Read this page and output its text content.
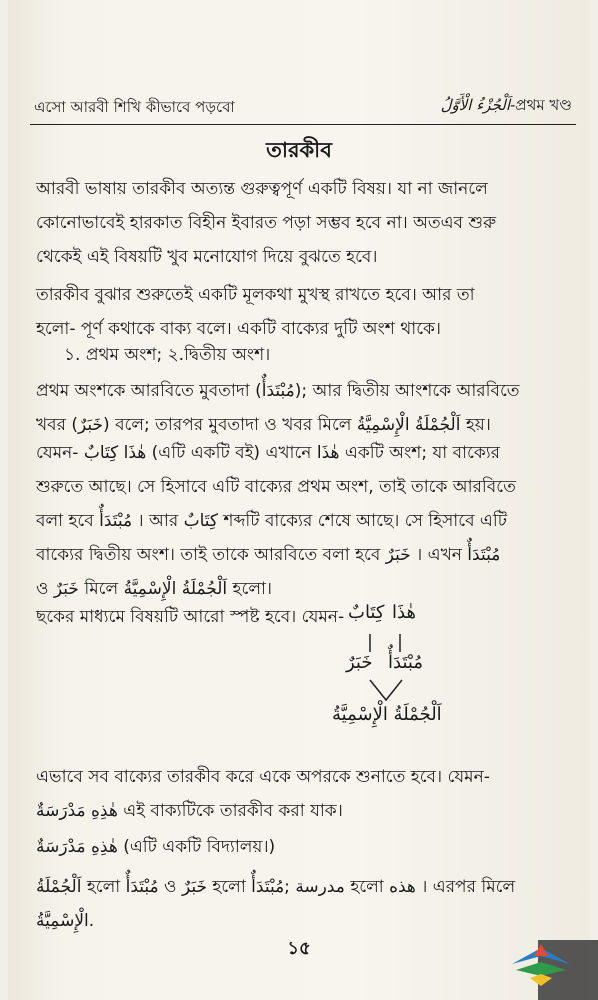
এসো আরবী শিখি কীভাবে পড়বো	اَلْجُزْءُ الْأَوَّلُ-প্রথম খণ্ড
তারকীব
আরবী ভাষায় তারকীব অত্যন্ত গুরুত্বপূর্ণ একটি বিষয়। যা না জানলে
কোনোভাবেই হারকাত বিহীন ইবারত পড়া সম্ভব হবে না। অতএব শুরু
থেকেই এই বিষয়টি খুব মনোযোগ দিয়ে বুঝতে হবে।
তারকীব বুঝার শুরুতেই একটি মূলকথা মুখস্থ রাখতে হবে। আর তা
হলো- পূর্ণ কথাকে বাক্য বলে। একটি বাক্যের দুটি অংশ থাকে।
১. প্রথম অংশ; ২.দ্বিতীয় অংশ।
প্রথম অংশকে আরবিতে মুবতাদা (مُبْتَدَأٌ); আর দ্বিতীয় আংশকে আরবিতে
খবর (خَبَرٌ) বলে; তারপর মুবতাদা ও খবর মিলে اَلْجُمْلَةُ الْإِسْمِيَّةُ হয়।
যেমন- هٰذَا كِتَابٌ (এটি একটি বই) এখানে هٰذَا একটি অংশ; যা বাক্যের
শুরুতে আছে। সে হিসাবে এটি বাক্যের প্রথম অংশ, তাই তাকে আরবিতে
বলা হবে مُبْتَدَأٌ । আর كِتَابٌ শব্দটি বাক্যের শেষে আছে। সে হিসাবে এটি
বাক্যের দ্বিতীয় অংশ। তাই তাকে আরবিতে বলা হবে خَبَرٌ । এখন مُبْتَدَأٌ
ও خَبَرٌ মিলে اَلْجُمْلَةُ الْإِسْمِيَّةُ হলো।
ছকের মাধ্যমে বিষয়টি আরো স্পষ্ট হবে। যেমন- كِتَابٌ هٰذَا
خَبَرٌ مُبْتَدَأٌ
اَلْجُمْلَةُ الْإِسْمِيَّةُ
এভাবে সব বাক্যের তারকীব করে একে অপরকে শুনাতে হবে। যেমন-
هٰذِهِ مَدْرَسَةٌ এই বাক্যটিকে তারকীব করা যাক।
هٰذِهِ مَدْرَسَةٌ (এটি একটি বিদ্যালয়।)
اَلْجُمْلَةُ হলো مُبْتَدَأٌ ও خَبَرٌ হলো مدرسة ;مُبْتَدَأٌ হলো هذه । এরপর মিলে
الْإِسْمِيَّةُ.
১৫
